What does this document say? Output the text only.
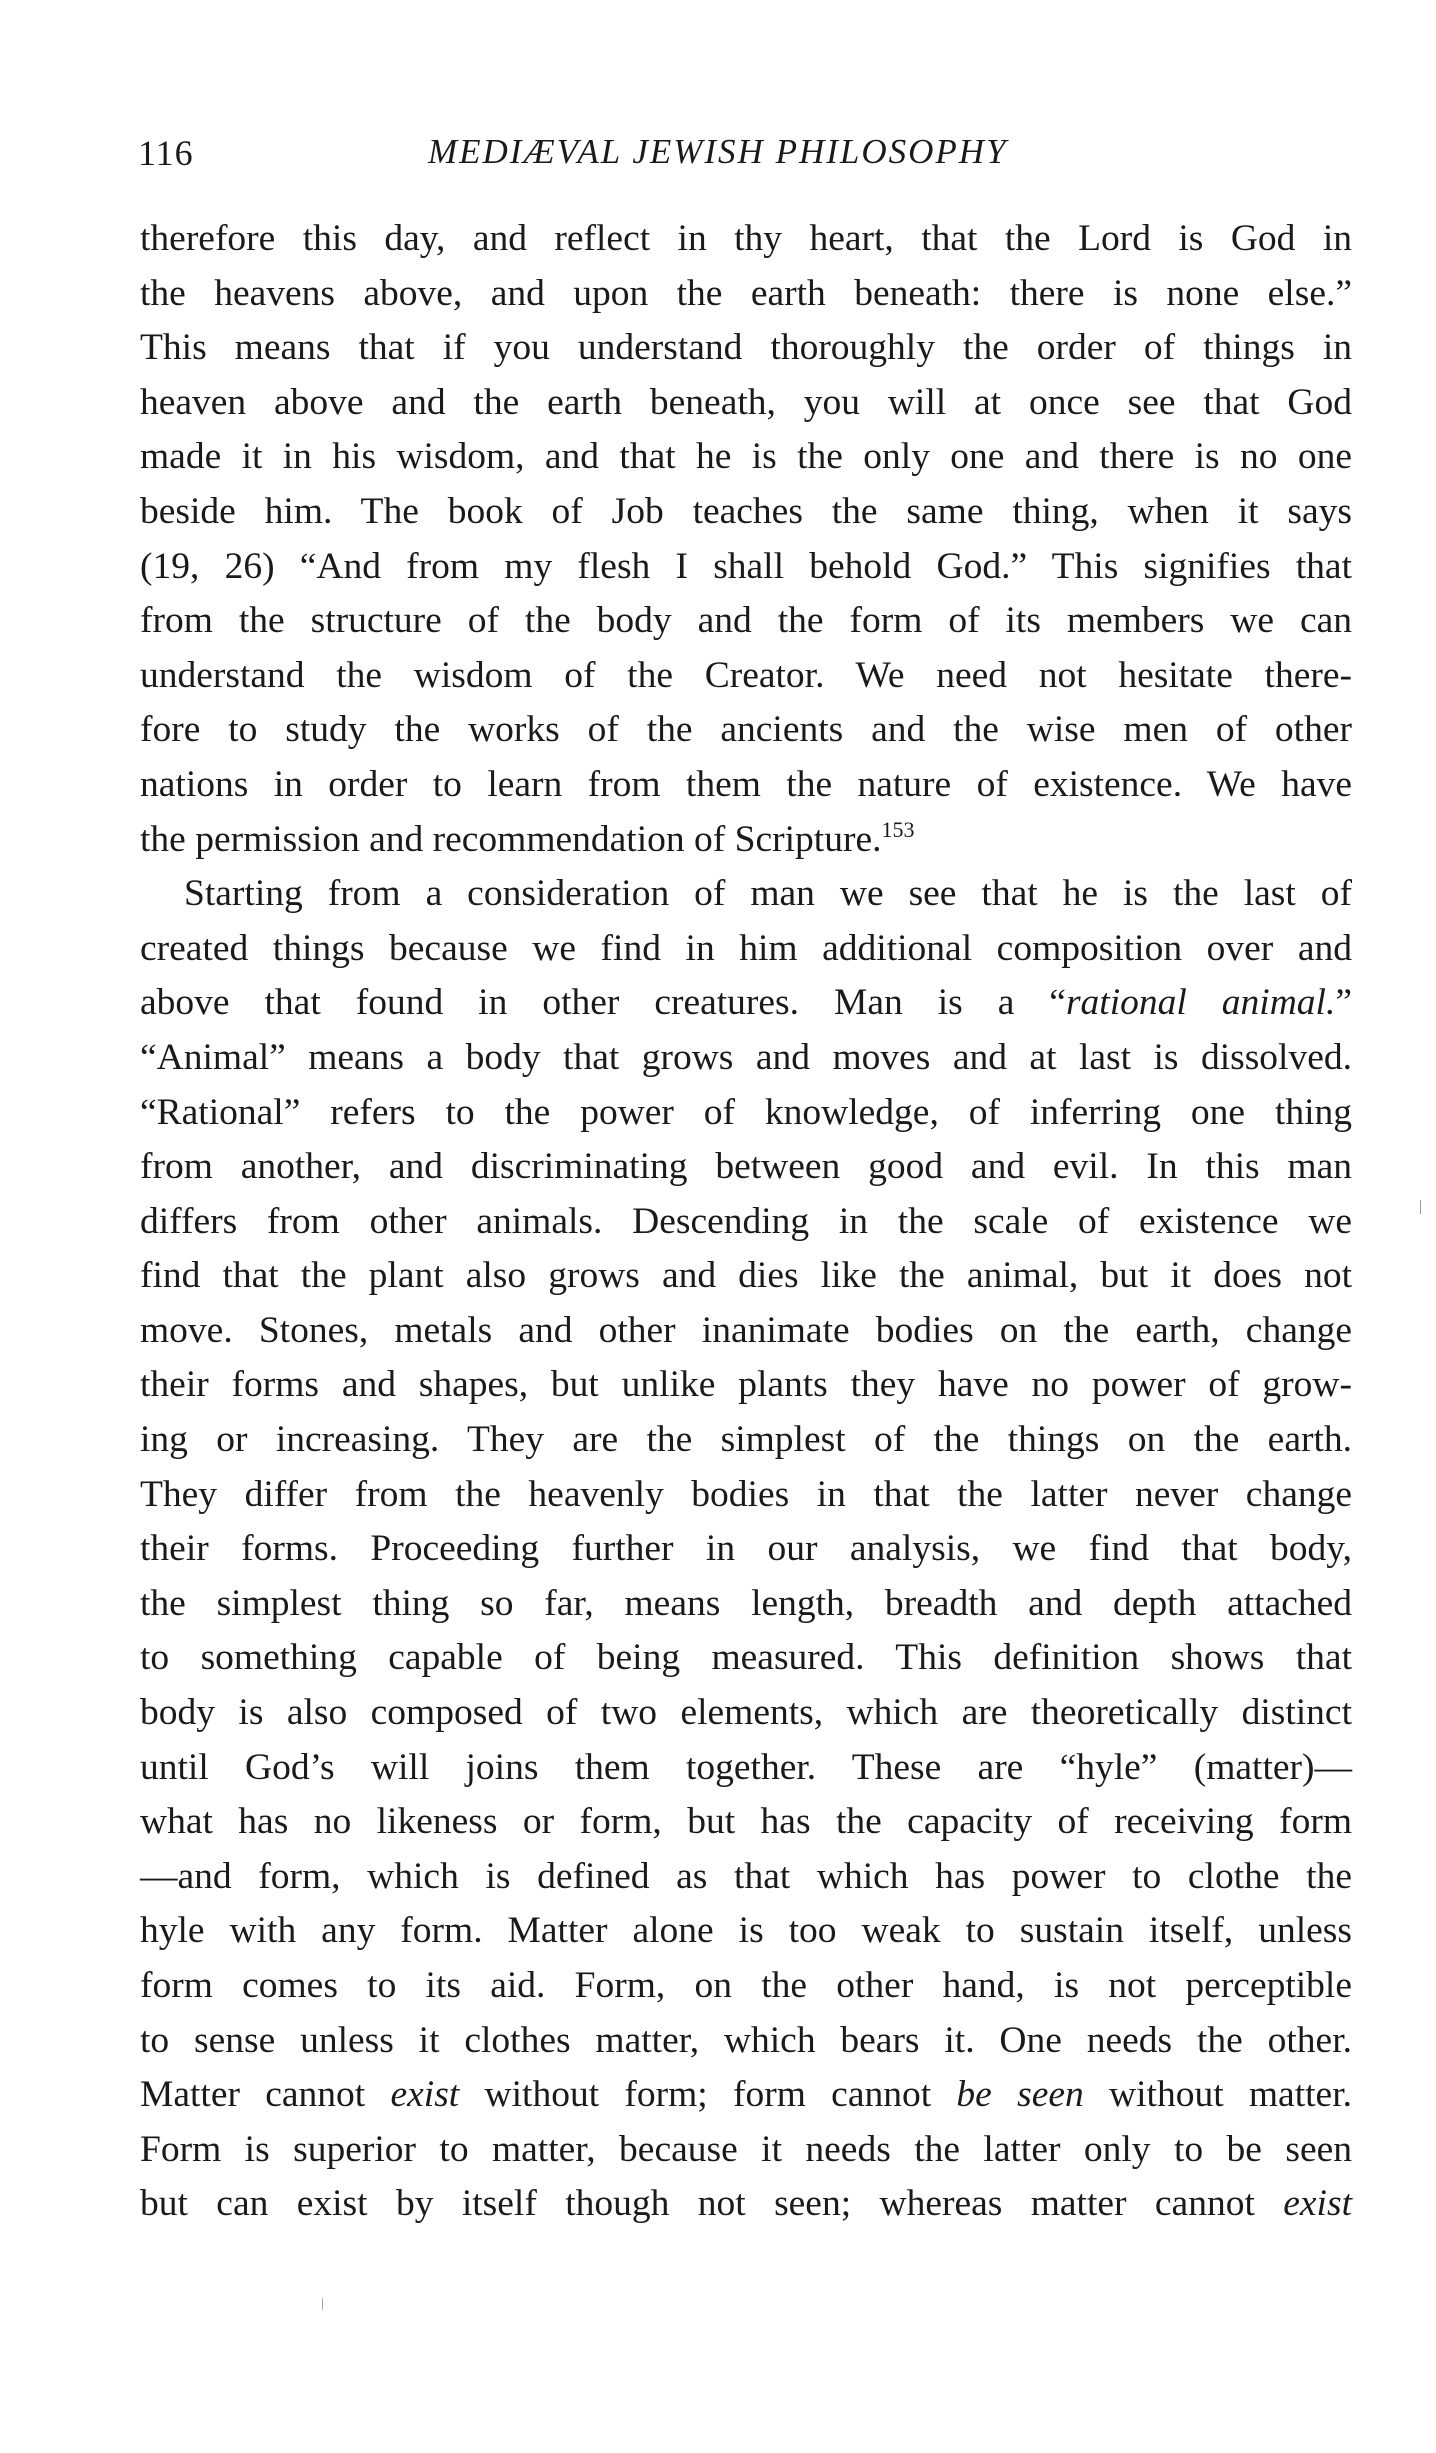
116	MEDIÆVAL JEWISH PHILOSOPHY
therefore this day, and reflect in thy heart, that the Lord is God in
the heavens above, and upon the earth beneath: there is none else.”
This means that if you understand thoroughly the order of things in
heaven above and the earth beneath, you will at once see that God
made it in his wisdom, and that he is the only one and there is no one
beside him. The book of Job teaches the same thing, when it says
(19, 26) “And from my flesh I shall behold God.” This signifies that
from the structure of the body and the form of its members we can
understand the wisdom of the Creator. We need not hesitate there-
fore to study the works of the ancients and the wise men of other
nations in order to learn from them the nature of existence. We have
the permission and recommendation of Scripture.$^{153}$
Starting from a consideration of man we see that he is the last of
created things because we find in him additional composition over and
above that found in other creatures. Man is a “rational animal.”
“Animal” means a body that grows and moves and at last is dissolved.
“Rational” refers to the power of knowledge, of inferring one thing
from another, and discriminating between good and evil. In this man
differs from other animals. Descending in the scale of existence we
find that the plant also grows and dies like the animal, but it does not
move. Stones, metals and other inanimate bodies on the earth, change
their forms and shapes, but unlike plants they have no power of grow-
ing or increasing. They are the simplest of the things on the earth.
They differ from the heavenly bodies in that the latter never change
their forms. Proceeding further in our analysis, we find that body,
the simplest thing so far, means length, breadth and depth attached
to something capable of being measured. This definition shows that
body is also composed of two elements, which are theoretically distinct
until God’s will joins them together. These are “hyle” (matter)—
what has no likeness or form, but has the capacity of receiving form
—and form, which is defined as that which has power to clothe the
hyle with any form. Matter alone is too weak to sustain itself, unless
form comes to its aid. Form, on the other hand, is not perceptible
to sense unless it clothes matter, which bears it. One needs the other.
Matter cannot exist without form; form cannot be seen without matter.
Form is superior to matter, because it needs the latter only to be seen
but can exist by itself though not seen; whereas matter cannot exist
